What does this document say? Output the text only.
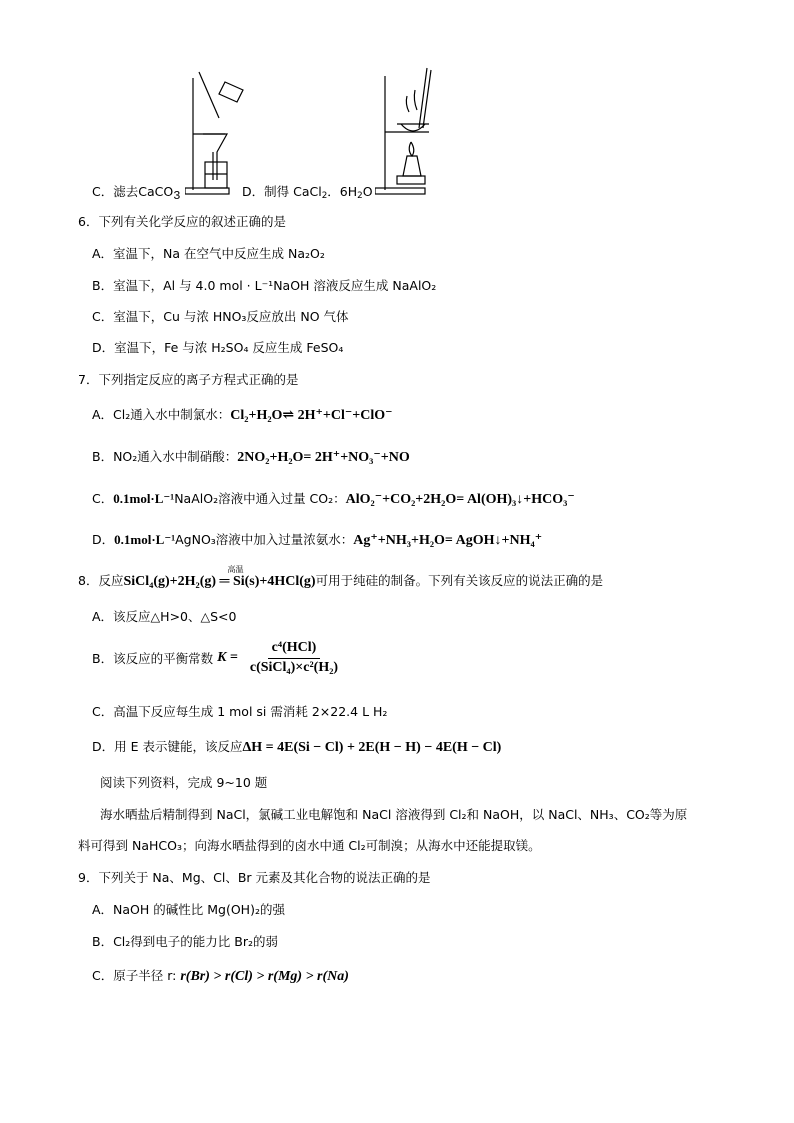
C．滤去CaCO$_3$	D．制得 CaCl$_2$．$6H_2O$
6．下列有关化学反应的叙述正确的是
A．室温下，Na 在空气中反应生成 Na₂O₂
B．室温下，Al 与 4.0 mol · L⁻¹NaOH 溶液反应生成 NaAlO₂
C．室温下，Cu 与浓 HNO₃反应放出 NO 气体
D．室温下，Fe 与浓 H₂SO₄ 反应生成 FeSO₄
7．下列指定反应的离子方程式正确的是
A．Cl₂通入水中制氯水：Cl₂+H₂O⇌ 2H⁺+Cl⁻+ClO⁻
B．NO₂通入水中制硝酸：2NO₂+H₂O= 2H⁺+NO₃⁻+NO
C．0.1mol·L⁻¹NaAlO₂溶液中通入过量 CO₂：AlO₂⁻+CO₂+2H₂O= Al(OH)₃↓+HCO₃⁻
D．0.1mol·L⁻¹AgNO₃溶液中加入过量浓氨水：Ag⁺+NH₃+H₂O= AgOH↓+NH₄⁺
8．反应SiCl₄(g)+2H₂(g) ═ Si(s)+4HCl(g)
高温
可用于纯硅的制备。下列有关该反应的说法正确的是
A．该反应△H>0、△S<0
B．该反应的平衡常数 $K = \frac{\text{c⁴(HCl)}}{\text{c(SiCl₄)×c²(H₂)}}$
C．高温下反应每生成 1 mol si 需消耗 2×22.4 L H₂
D．用 E 表示键能，该反应ΔH = 4E(Si − Cl) + 2E(H − H) − 4E(H − Cl)
阅读下列资料，完成 9~10 题
海水晒盐后精制得到 NaCl，氯碱工业电解饱和 NaCl 溶液得到 Cl₂和 NaOH，以 NaCl、NH₃、CO₂等为原
料可得到 NaHCO₃；向海水晒盐得到的卤水中通 Cl₂可制溴；从海水中还能提取镁。
9．下列关于 Na、Mg、Cl、Br 元素及其化合物的说法正确的是
A．NaOH 的碱性比 Mg(OH)₂的强
B．Cl₂得到电子的能力比 Br₂的弱
C．原子半径 r: r(Br) > r(Cl) > r(Mg) > r(Na)
